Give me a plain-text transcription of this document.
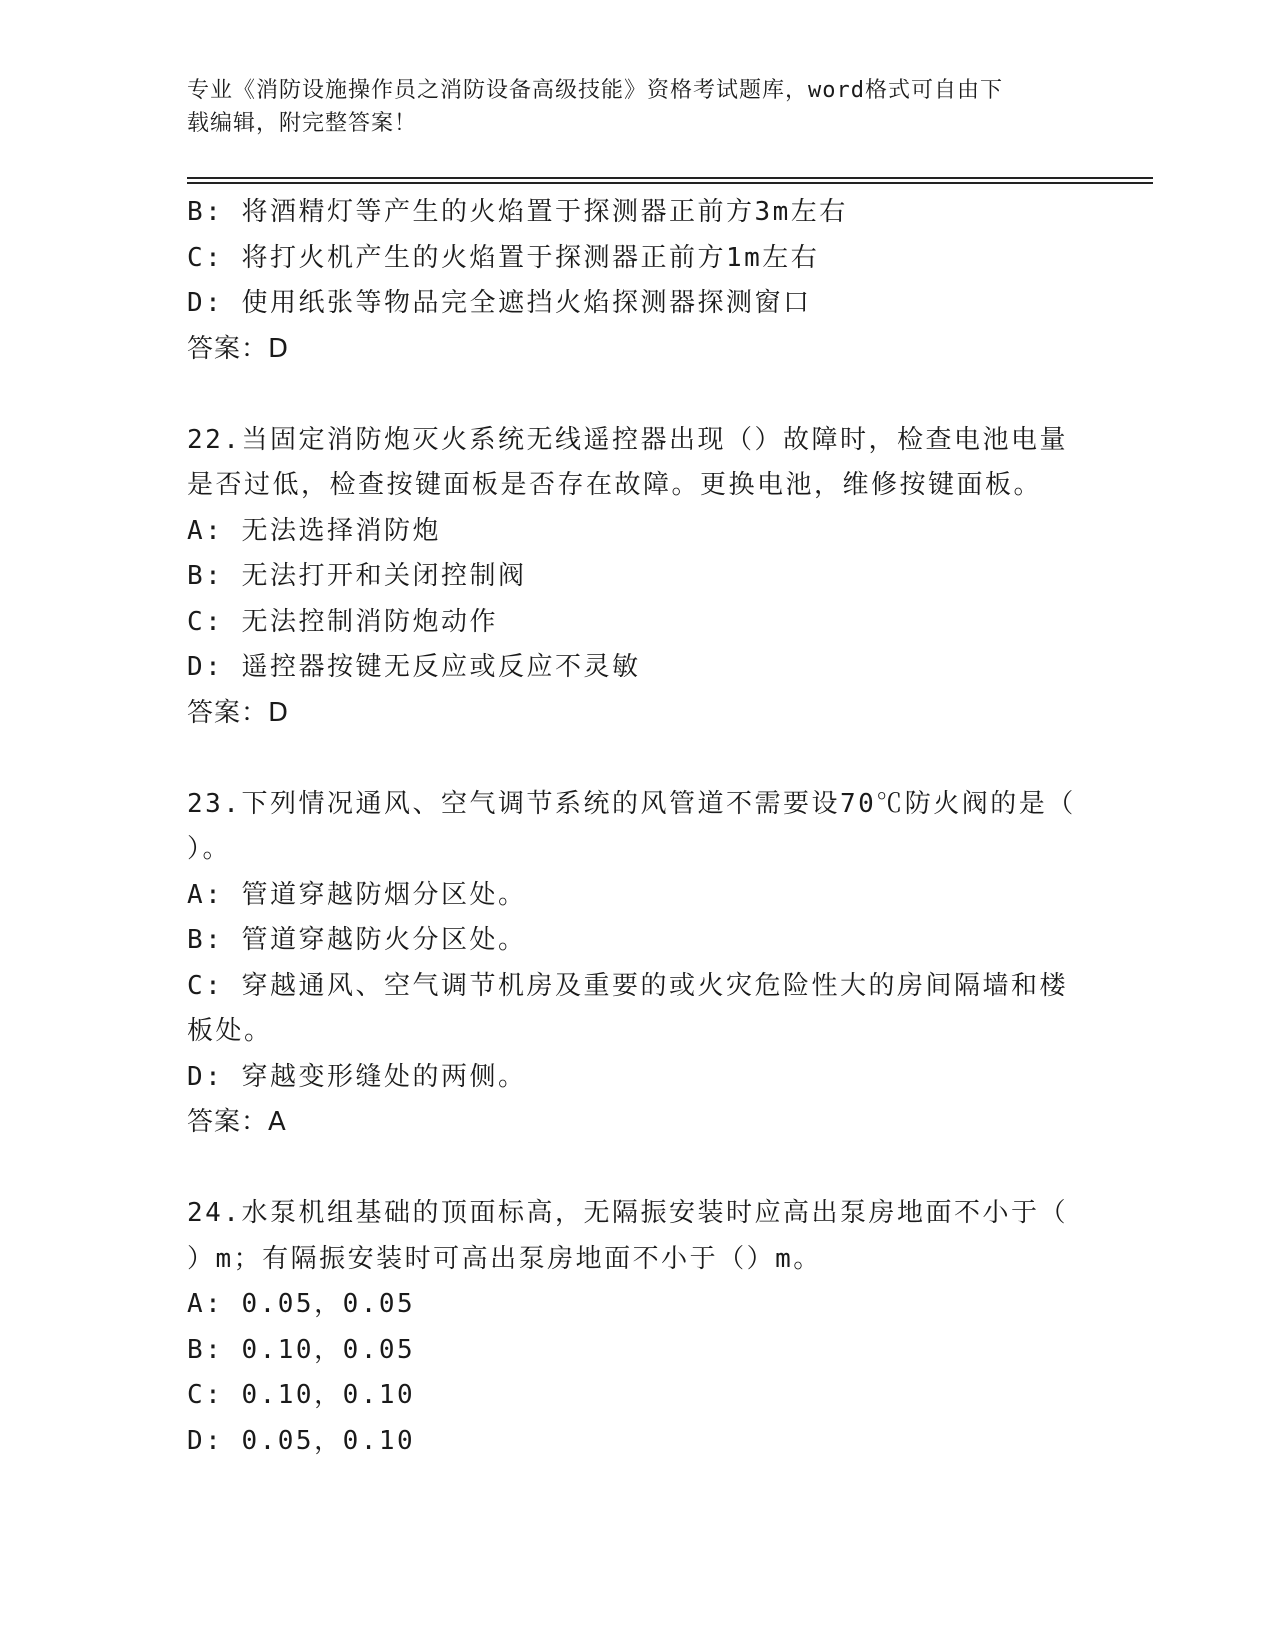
专业《消防设施操作员之消防设备高级技能》资格考试题库，word格式可自由下
载编辑，附完整答案！
B: 将酒精灯等产生的火焰置于探测器正前方3m左右
C: 将打火机产生的火焰置于探测器正前方1m左右
D: 使用纸张等物品完全遮挡火焰探测器探测窗口
答案：D
22.当固定消防炮灭火系统无线遥控器出现（）故障时，检查电池电量
是否过低，检查按键面板是否存在故障。更换电池，维修按键面板。
A: 无法选择消防炮
B: 无法打开和关闭控制阀
C: 无法控制消防炮动作
D: 遥控器按键无反应或反应不灵敏
答案：D
23.下列情况通风、空气调节系统的风管道不需要设70℃防火阀的是（
）。
A: 管道穿越防烟分区处。
B: 管道穿越防火分区处。
C: 穿越通风、空气调节机房及重要的或火灾危险性大的房间隔墙和楼
板处。
D: 穿越变形缝处的两侧。
答案：A
24.水泵机组基础的顶面标高，无隔振安装时应高出泵房地面不小于（
）m；有隔振安装时可高出泵房地面不小于（）m。
A: 0.05，0.05
B: 0.10，0.05
C: 0.10，0.10
D: 0.05，0.10
